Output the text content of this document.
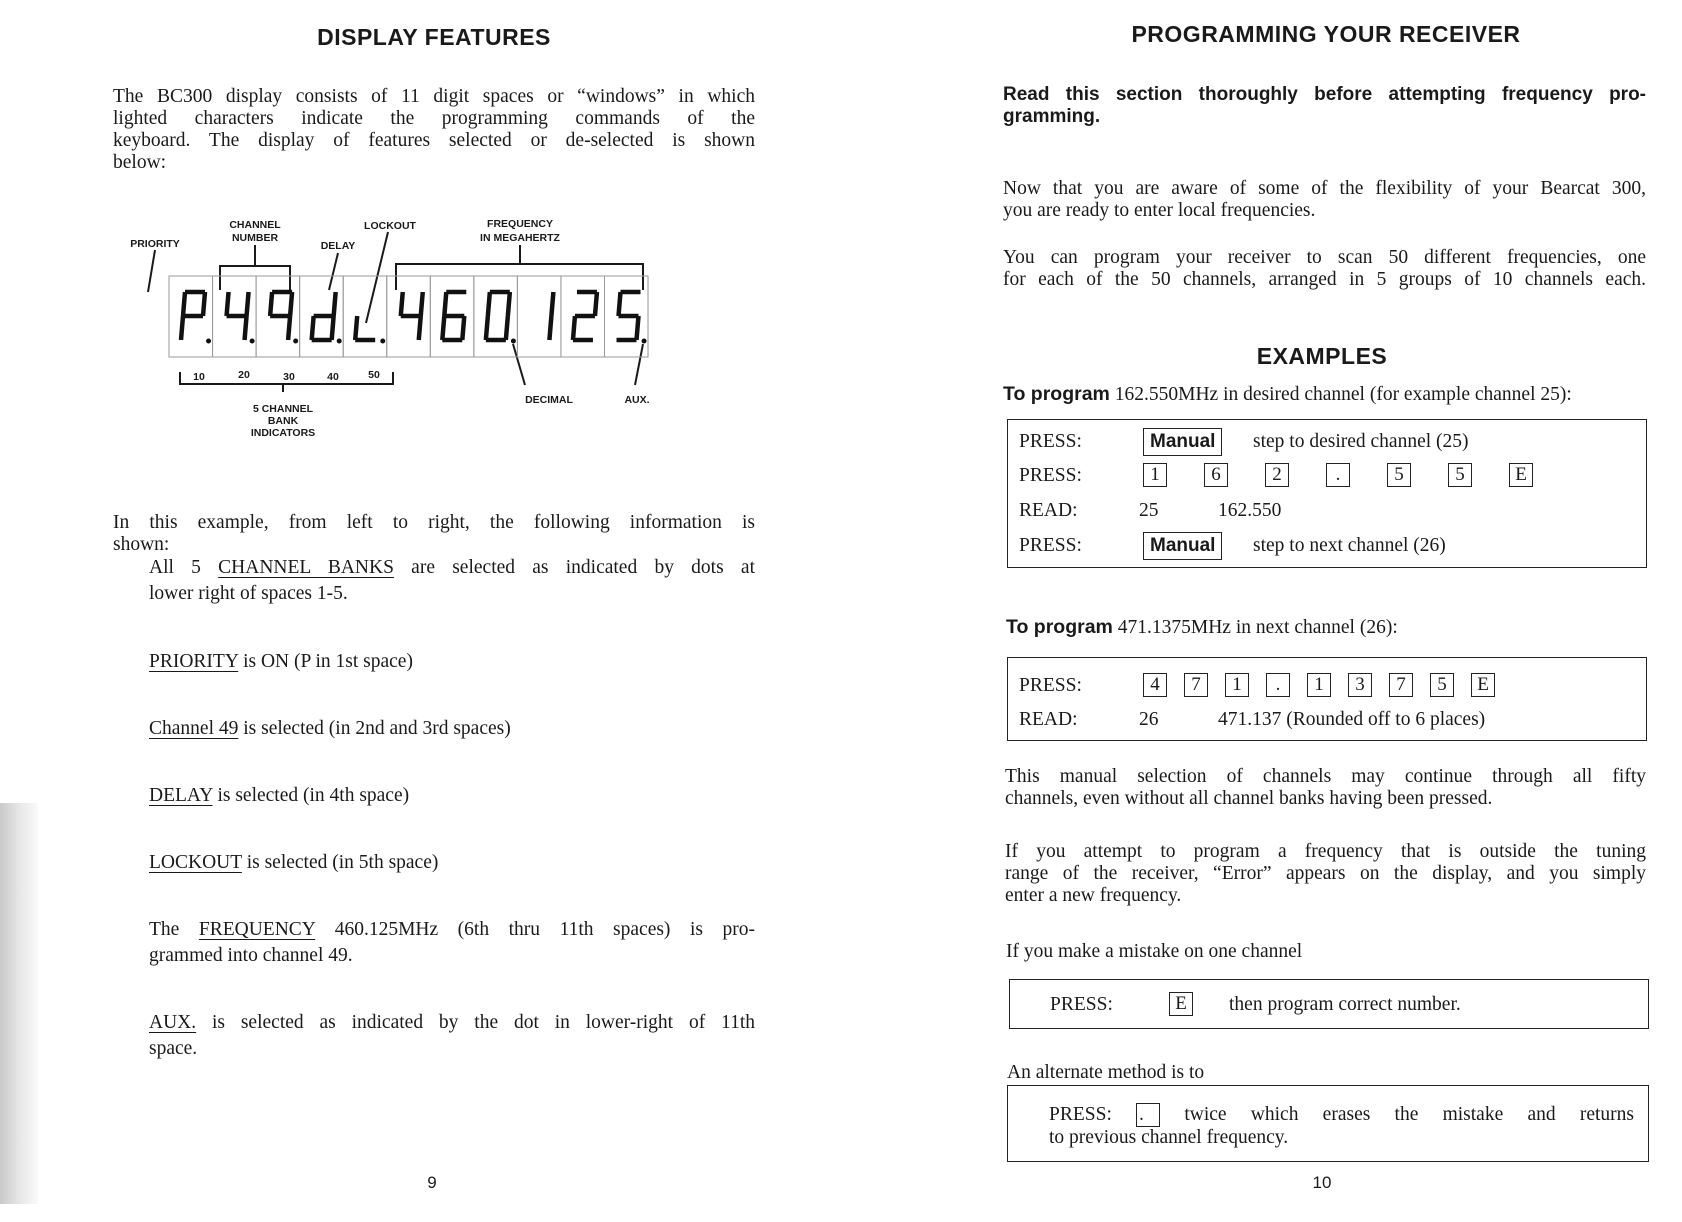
DISPLAY FEATURES
The BC300 display consists of 11 digit spaces or “windows” in which
lighted characters indicate the programming commands of the
keyboard. The display of features selected or de-selected is shown
below:
PRIORITY
CHANNEL
NUMBER
DELAY
LOCKOUT	FREQUENCY
IN MEGAHERTZ
10	20	30	40	50
5 CHANNEL
BANK
INDICATORS
DECIMAL	AUX.
In this example, from left to right, the following information is
shown:
All 5 CHANNEL BANKS are selected as indicated by dots at
lower right of spaces 1-5.
PRIORITY is ON (P in 1st space)
Channel 49 is selected (in 2nd and 3rd spaces)
DELAY is selected (in 4th space)
LOCKOUT is selected (in 5th space)
The FREQUENCY 460.125MHz (6th thru 11th spaces) is pro-
grammed into channel 49.
AUX. is selected as indicated by the dot in lower-right of 11th
space.
9
PROGRAMMING YOUR RECEIVER
Read this section thoroughly before attempting frequency pro-
gramming.
Now that you are aware of some of the flexibility of your Bearcat 300,
you are ready to enter local frequencies.
You can program your receiver to scan 50 different frequencies, one
for each of the 50 channels, arranged in 5 groups of 10 channels each.
EXAMPLES
To program 162.550MHz in desired channel (for example channel 25):
PRESS:	Manual	step to desired channel (25)
PRESS:	1	6	2	.	5	5	E
READ:	25	162.550
PRESS:	Manual	step to next channel (26)
To program 471.1375MHz in next channel (26):
PRESS:	4	7	1	.	1	3	7	5	E
READ:	26	471.137 (Rounded off to 6 places)
This manual selection of channels may continue through all fifty
channels, even without all channel banks having been pressed.
If you attempt to program a frequency that is outside the tuning
range of the receiver, “Error” appears on the display, and you simply
enter a new frequency.
If you make a mistake on one channel
PRESS:	E	then program correct number.
An alternate method is to
PRESS: . twice which erases the mistake and returns
to previous channel frequency.
10
